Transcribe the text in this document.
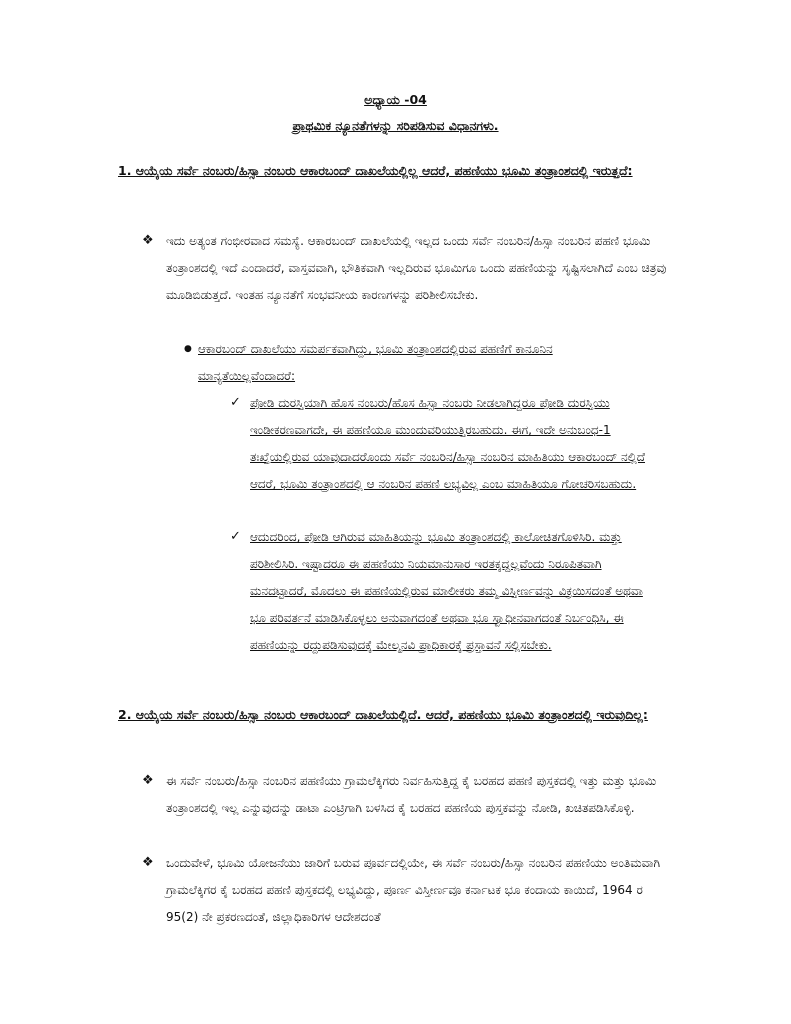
ಅಧ್ಯಾಯ -04

ಪ್ರಾಥಮಿಕ ನ್ಯೂನತೆಗಳನ್ನು ಸರಿಪಡಿಸುವ ವಿಧಾನಗಳು.

1. ಆಯ್ಕೆಯ ಸರ್ವೆ ನಂಬರು/ಹಿಸ್ಸಾ ನಂಬರು ಆಕಾರಬಂದ್ ದಾಖಲೆಯಲ್ಲಿಲ್ಲ ಆದರೆ, ಪಹಣಿಯು ಭೂಮಿ ತಂತ್ರಾಂಶದಲ್ಲಿ ಇರುತ್ತದೆ:

❖	ಇದು ಅತ್ಯಂತ ಗಂಭೀರವಾದ ಸಮಸ್ಯೆ. ಆಕಾರಬಂದ್ ದಾಖಲೆಯಲ್ಲಿ ಇಲ್ಲದ ಒಂದು ಸರ್ವೆ ನಂಬರಿನ/ಹಿಸ್ಸಾ ನಂಬರಿನ ಪಹಣಿ ಭೂಮಿ ತಂತ್ರಾಂಶದಲ್ಲಿ ಇದೆ ಎಂದಾದರೆ, ವಾಸ್ತವವಾಗಿ, ಭೌತಿಕವಾಗಿ ಇಲ್ಲದಿರುವ ಭೂಮಿಗೂ ಒಂದು ಪಹಣಿಯನ್ನು ಸೃಷ್ಟಿಸಲಾಗಿದೆ ಎಂಬ ಚಿತ್ರವು ಮೂಡಿಬಿಡುತ್ತದೆ. ಇಂತಹ ನ್ಯೂನತೆಗೆ ಸಂಭವನೀಯ ಕಾರಣಗಳನ್ನು ಪರಿಶೀಲಿಸಬೇಕು.

● ಆಕಾರಬಂದ್ ದಾಖಲೆಯು ಸಮರ್ಪಕವಾಗಿದ್ದು, ಭೂಮಿ ತಂತ್ರಾಂಶದಲ್ಲಿರುವ ಪಹಣಿಗೆ ಕಾನೂನಿನ ಮಾನ್ಯತೆಯಿಲ್ಲವೆಂದಾದರೆ:

✓ ಪೋಡಿ ದುರಸ್ತಿಯಾಗಿ ಹೊಸ ನಂಬರು/ಹೊಸ ಹಿಸ್ಸಾ ನಂಬರು ನೀಡಲಾಗಿದ್ದರೂ ಪೋಡಿ ದುರಸ್ತಿಯು ಇಂಡೀಕರಣವಾಗದೇ, ಈ ಪಹಣಿಯೂ ಮುಂದುವರಿಯುತ್ತಿರಬಹುದು. ಈಗ, ಇದೇ ಅನುಬಂಧ-1 ತಃಖ್ತೆಯಲ್ಲಿರುವ ಯಾವುದಾದರೊಂದು ಸರ್ವೆ ನಂಬರಿನ/ಹಿಸ್ಸಾ ನಂಬರಿನ ಮಾಹಿತಿಯು ಆಕಾರಬಂದ್ ನಲ್ಲಿದೆ ಆದರೆ, ಭೂಮಿ ತಂತ್ರಾಂಶದಲ್ಲಿ ಆ ನಂಬರಿನ ಪಹಣಿ ಲಭ್ಯವಿಲ್ಲ ಎಂಬ ಮಾಹಿತಿಯೂ ಗೋಚರಿಸಬಹುದು.

✓ ಆದುದರಿಂದ, ಪೋಡಿ ಆಗಿರುವ ಮಾಹಿತಿಯನ್ನು ಭೂಮಿ ತಂತ್ರಾಂಶದಲ್ಲಿ ಕಾಲೋಚಿತಗೊಳಿಸಿರಿ. ಮತ್ತು ಪರಿಶೀಲಿಸಿರಿ. ಇಷ್ಟಾದರೂ ಈ ಪಹಣಿಯು ನಿಯಮಾನುಸಾರ ಇರತಕ್ಕದ್ದಲ್ಲವೆಂದು ನಿರೂಪಿತವಾಗಿ ಮನದಟ್ಟಾದರೆ, ಮೊದಲು ಈ ಪಹಣಿಯಲ್ಲಿರುವ ಮಾಲೀಕರು ತಮ್ಮ ವಿಸ್ತೀರ್ಣವನ್ನು ವಿಕ್ರಯಿಸದಂತೆ ಅಥವಾ ಭೂ ಪರಿವರ್ತನೆ ಮಾಡಿಸಿಕೊಳ್ಳಲು ಅನುವಾಗದಂತೆ ಅಥವಾ ಭೂ ಸ್ವಾಧೀನವಾಗದಂತೆ ನಿರ್ಬಂಧಿಸಿ, ಈ ಪಹಣಿಯನ್ನು ರದ್ದುಪಡಿಸುವುದಕ್ಕೆ ಮೇಲ್ಮನವಿ ಪ್ರಾಧಿಕಾರಕ್ಕೆ ಪ್ರಸ್ತಾವನೆ ಸಲ್ಲಿಸಬೇಕು.

2. ಆಯ್ಕೆಯ ಸರ್ವೆ ನಂಬರು/ಹಿಸ್ಸಾ ನಂಬರು ಆಕಾರಬಂದ್ ದಾಖಲೆಯಲ್ಲಿದೆ. ಆದರೆ, ಪಹಣಿಯು ಭೂಮಿ ತಂತ್ರಾಂಶದಲ್ಲಿ ಇರುವುದಿಲ್ಲ:

❖	ಈ ಸರ್ವೆ ನಂಬರು/ಹಿಸ್ಸಾ ನಂಬರಿನ ಪಹಣಿಯು ಗ್ರಾಮಲೆಕ್ಕಿಗರು ನಿರ್ವಹಿಸುತ್ತಿದ್ದ ಕೈ ಬರಹದ ಪಹಣಿ ಪುಸ್ತಕದಲ್ಲಿ ಇತ್ತು ಮತ್ತು ಭೂಮಿ ತಂತ್ರಾಂಶದಲ್ಲಿ ಇಲ್ಲ ಎನ್ನುವುದನ್ನು ಡಾಟಾ ಎಂಟ್ರಿಗಾಗಿ ಬಳಸಿದ ಕೈ ಬರಹದ ಪಹಣಿಯ ಪುಸ್ತಕವನ್ನು ನೋಡಿ, ಖಚಿತಪಡಿಸಿಕೊಳ್ಳಿ.

❖	ಒಂದುವೇಳೆ, ಭೂಮಿ ಯೋಜನೆಯು ಜಾರಿಗೆ ಬರುವ ಪೂರ್ವದಲ್ಲಿಯೇ, ಈ ಸರ್ವೆ ನಂಬರು/ಹಿಸ್ಸಾ ನಂಬರಿನ ಪಹಣಿಯು ಅಂತಿಮವಾಗಿ ಗ್ರಾಮಲೆಕ್ಕಿಗರ ಕೈ ಬರಹದ ಪಹಣಿ ಪುಸ್ತಕದಲ್ಲಿ ಲಭ್ಯವಿದ್ದು, ಪೂರ್ಣ ವಿಸ್ತೀರ್ಣವೂ ಕರ್ನಾಟಕ ಭೂ ಕಂದಾಯ ಕಾಯಿದೆ, 1964 ರ 95(2) ನೇ ಪ್ರಕರಣದಂತೆ, ಜಿಲ್ಲಾಧಿಕಾರಿಗಳ ಆದೇಶದಂತೆ
